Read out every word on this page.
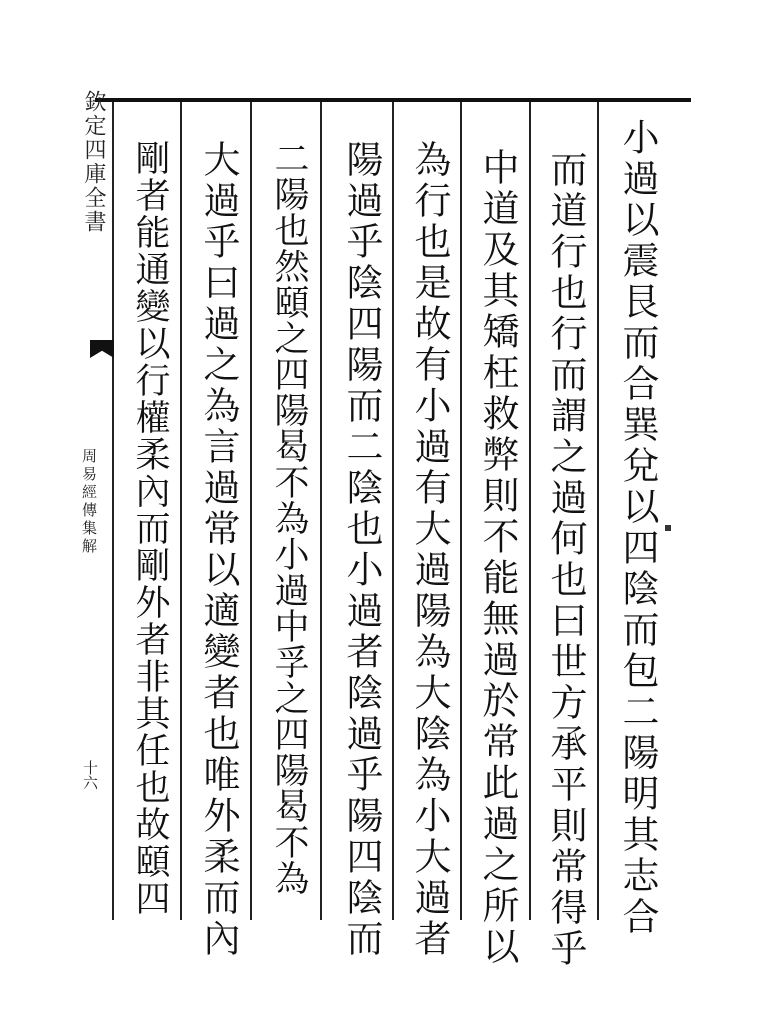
欽定四庫全書
周易經傳集解
十六	小過以震艮而合巽兌以四陰而包二陽明其志合
而道行也行而謂之過何也曰世方承平則常得乎
中道及其矯枉救弊則不能無過於常此過之所以
為行也是故有小過有大過陽為大陰為小大過者
陽過乎陰四陽而二陰也小過者陰過乎陽四陰而
二陽也然頤之四陽曷不為小過中孚之四陽曷不為
大過乎曰過之為言過常以適變者也唯外柔而內
剛者能通變以行權柔內而剛外者非其任也故頤四
